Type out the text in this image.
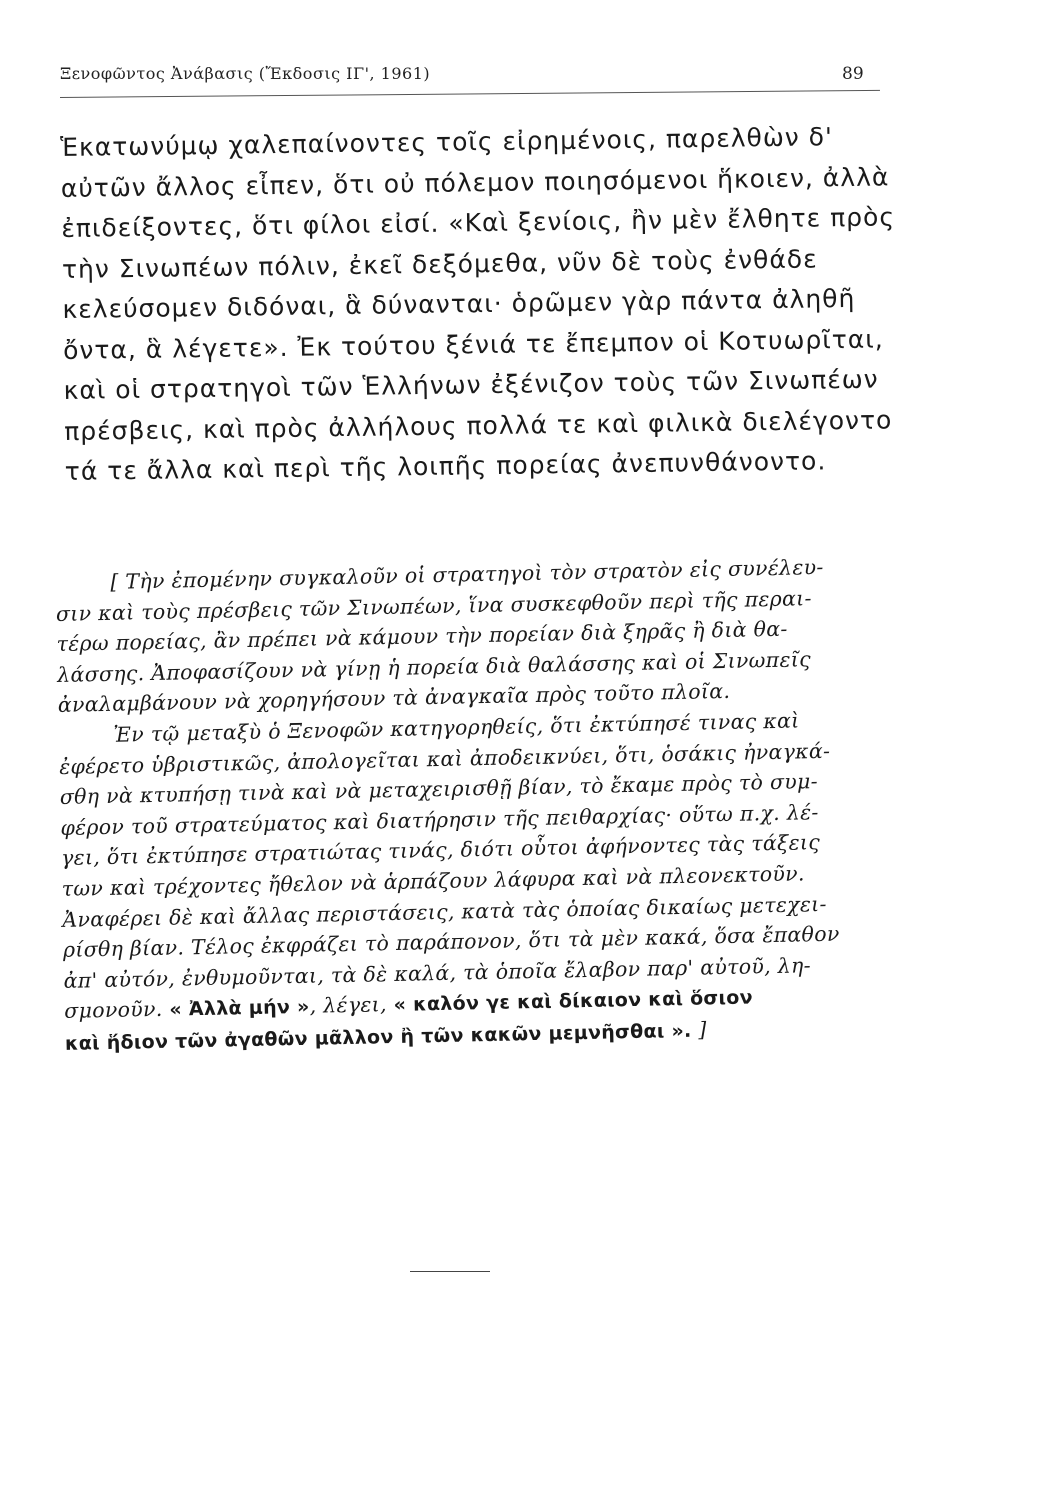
Ξενοφῶντος Ἀνάβασις (Ἔκδοσις ΙΓ', 1961)	89
Ἑκατωνύμῳ χαλεπαίνοντες τοῖς εἰρημένοις, παρελθὼν δ'
αὐτῶν ἄλλος εἶπεν, ὅτι οὐ πόλεμον ποιησόμενοι ἥκοιεν, ἀλλὰ
ἐπιδείξοντες, ὅτι φίλοι εἰσί. «Καὶ ξενίοις, ἢν μὲν ἔλθητε πρὸς
τὴν Σινωπέων πόλιν, ἐκεῖ δεξόμεθα, νῦν δὲ τοὺς ἐνθάδε
κελεύσομεν διδόναι, ἃ δύνανται· ὁρῶμεν γὰρ πάντα ἀληθῆ
ὄντα, ἃ λέγετε». Ἐκ τούτου ξένιά τε ἔπεμπον οἱ Κοτυωρῖται,
καὶ οἱ στρατηγοὶ τῶν Ἑλλήνων ἐξένιζον τοὺς τῶν Σινωπέων
πρέσβεις, καὶ πρὸς ἀλλήλους πολλά τε καὶ φιλικὰ διελέγοντο
τά τε ἄλλα καὶ περὶ τῆς λοιπῆς πορείας ἀνεπυνθάνοντο.
[ Τὴν ἐπομένην συγκαλοῦν οἱ στρατηγοὶ τὸν στρατὸν εἰς συνέλευ-
σιν καὶ τοὺς πρέσβεις τῶν Σινωπέων, ἵνα συσκεφθοῦν περὶ τῆς περαι-
τέρω πορείας, ἂν πρέπει νὰ κάμουν τὴν πορείαν διὰ ξηρᾶς ἢ διὰ θα-
λάσσης. Ἀποφασίζουν νὰ γίνῃ ἡ πορεία διὰ θαλάσσης καὶ οἱ Σινωπεῖς
ἀναλαμβάνουν νὰ χορηγήσουν τὰ ἀναγκαῖα πρὸς τοῦτο πλοῖα.
Ἐν τῷ μεταξὺ ὁ Ξενοφῶν κατηγορηθείς, ὅτι ἐκτύπησέ τινας καὶ
ἐφέρετο ὑβριστικῶς, ἀπολογεῖται καὶ ἀποδεικνύει, ὅτι, ὁσάκις ἠναγκά-
σθη νὰ κτυπήσῃ τινὰ καὶ νὰ μεταχειρισθῇ βίαν, τὸ ἔκαμε πρὸς τὸ συμ-
φέρον τοῦ στρατεύματος καὶ διατήρησιν τῆς πειθαρχίας· οὕτω π.χ. λέ-
γει, ὅτι ἐκτύπησε στρατιώτας τινάς, διότι οὗτοι ἀφήνοντες τὰς τάξεις
των καὶ τρέχοντες ἤθελον νὰ ἁρπάζουν λάφυρα καὶ νὰ πλεονεκτοῦν.
Ἀναφέρει δὲ καὶ ἄλλας περιστάσεις, κατὰ τὰς ὁποίας δικαίως μετεχει-
ρίσθη βίαν. Τέλος ἐκφράζει τὸ παράπονον, ὅτι τὰ μὲν κακά, ὅσα ἔπαθον
ἀπ' αὐτόν, ἐνθυμοῦνται, τὰ δὲ καλά, τὰ ὁποῖα ἔλαβον παρ' αὐτοῦ, λη-
σμονοῦν. « Ἀλλὰ μήν », λέγει, « καλόν γε καὶ δίκαιον καὶ ὅσιον
καὶ ἥδιον τῶν ἀγαθῶν μᾶλλον ἢ τῶν κακῶν μεμνῆσθαι ». ]
